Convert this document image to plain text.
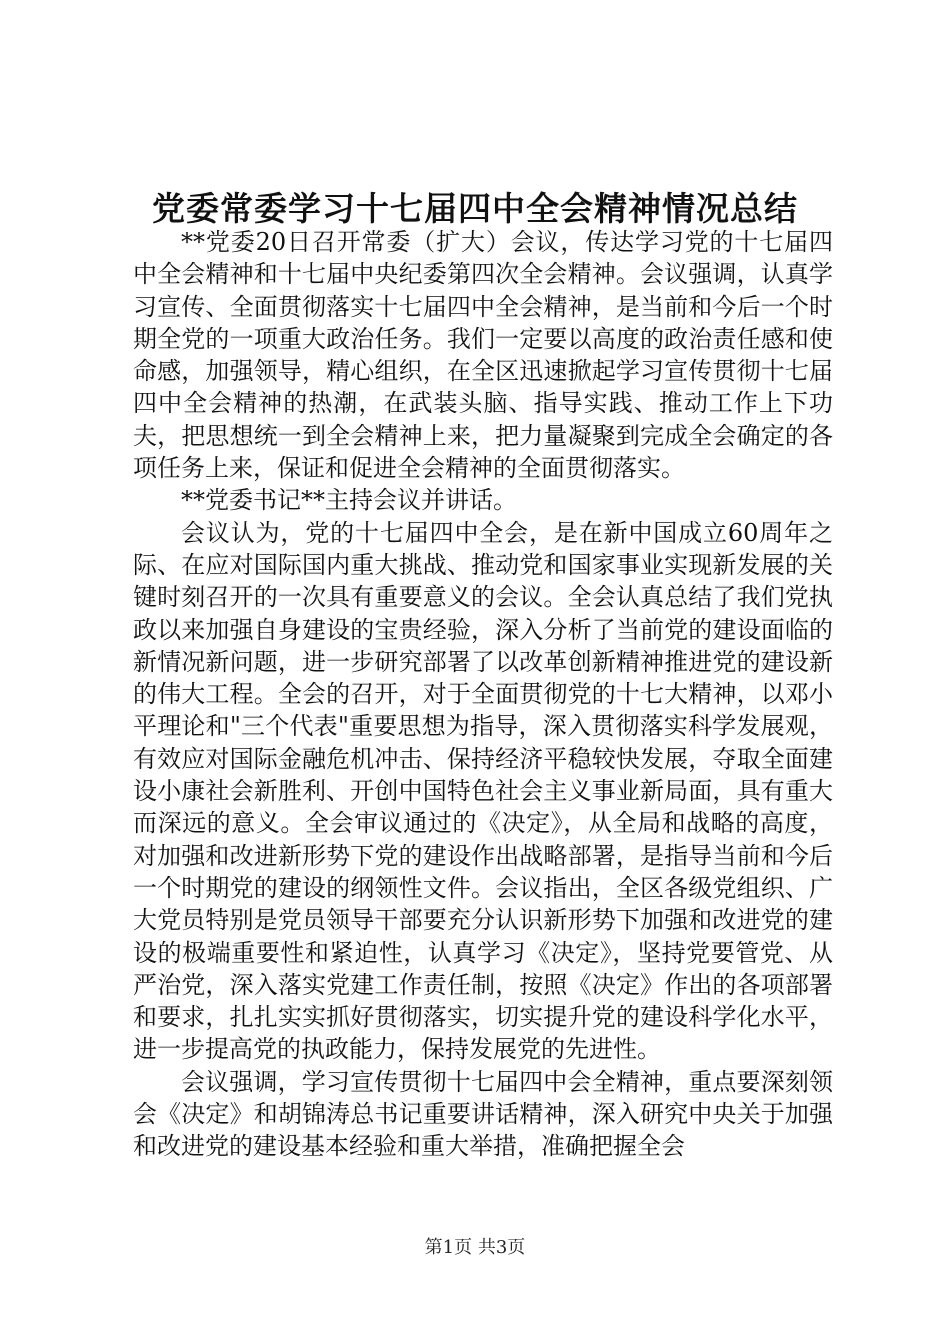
党委常委学习十七届四中全会精神情况总结

**党委20日召开常委（扩大）会议，传达学习党的十七届四中全会精神和十七届中央纪委第四次全会精神。会议强调，认真学习宣传、全面贯彻落实十七届四中全会精神，是当前和今后一个时期全党的一项重大政治任务。我们一定要以高度的政治责任感和使命感，加强领导，精心组织，在全区迅速掀起学习宣传贯彻十七届四中全会精神的热潮，在武装头脑、指导实践、推动工作上下功夫，把思想统一到全会精神上来，把力量凝聚到完成全会确定的各项任务上来，保证和促进全会精神的全面贯彻落实。

**党委书记**主持会议并讲话。

会议认为，党的十七届四中全会，是在新中国成立60周年之际、在应对国际国内重大挑战、推动党和国家事业实现新发展的关键时刻召开的一次具有重要意义的会议。全会认真总结了我们党执政以来加强自身建设的宝贵经验，深入分析了当前党的建设面临的新情况新问题，进一步研究部署了以改革创新精神推进党的建设新的伟大工程。全会的召开，对于全面贯彻党的十七大精神，以邓小平理论和"三个代表"重要思想为指导，深入贯彻落实科学发展观，有效应对国际金融危机冲击、保持经济平稳较快发展，夺取全面建设小康社会新胜利、开创中国特色社会主义事业新局面，具有重大而深远的意义。全会审议通过的《决定》，从全局和战略的高度，对加强和改进新形势下党的建设作出战略部署，是指导当前和今后一个时期党的建设的纲领性文件。会议指出，全区各级党组织、广大党员特别是党员领导干部要充分认识新形势下加强和改进党的建设的极端重要性和紧迫性，认真学习《决定》，坚持党要管党、从严治党，深入落实党建工作责任制，按照《决定》作出的各项部署和要求，扎扎实实抓好贯彻落实，切实提升党的建设科学化水平，进一步提高党的执政能力，保持发展党的先进性。

会议强调，学习宣传贯彻十七届四中会全精神，重点要深刻领会《决定》和胡锦涛总书记重要讲话精神，深入研究中央关于加强和改进党的建设基本经验和重大举措，准确把握全会

第1页 共3页
